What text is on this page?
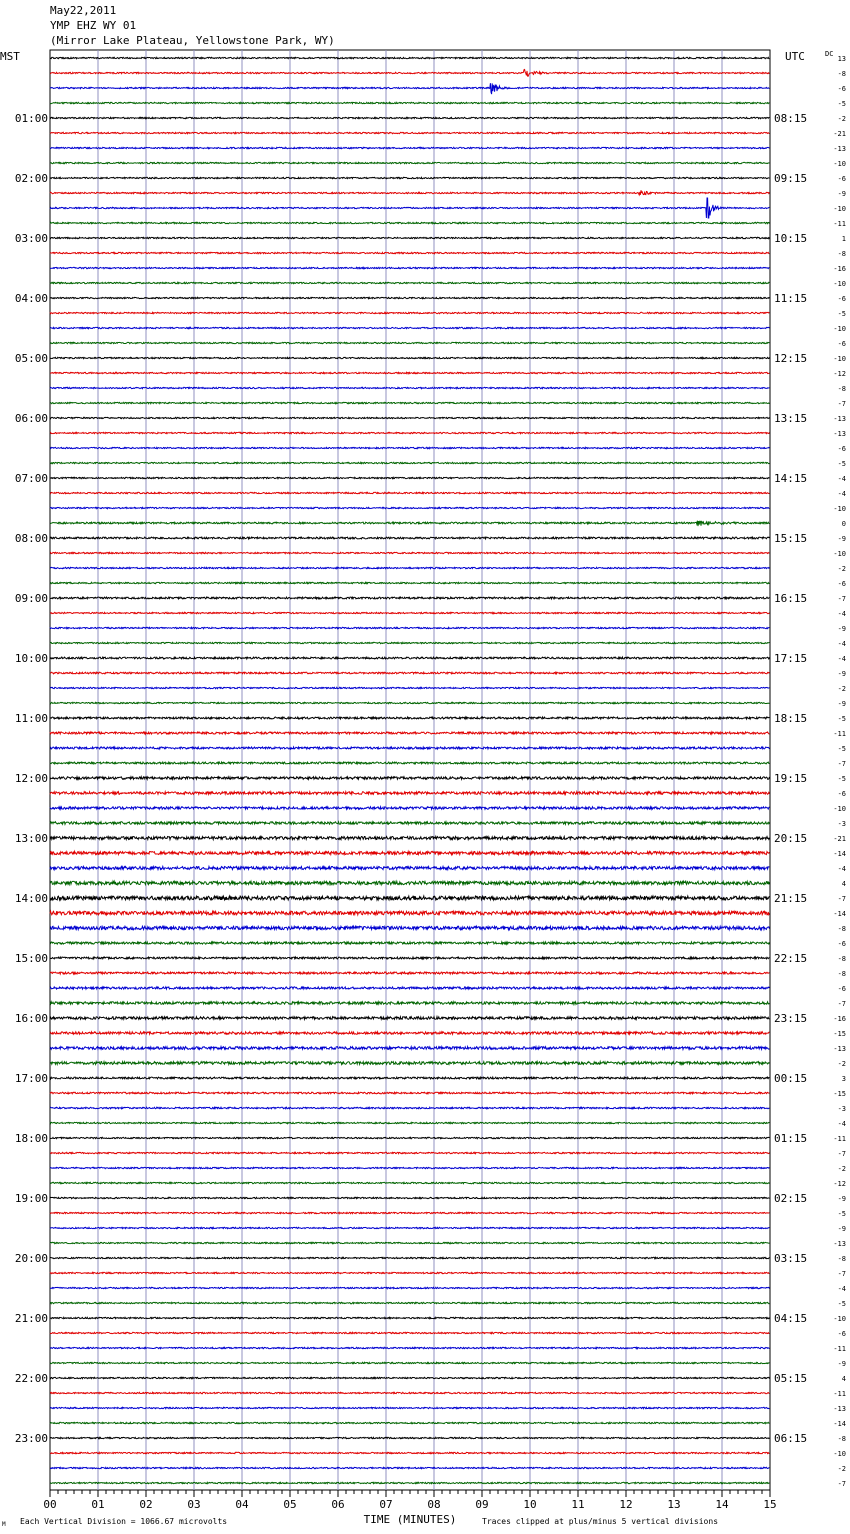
May22,2011
YMP EHZ WY 01
(Mirror Lake Plateau, Yellowstone Park, WY)
13
-8
-6
-5
-2
-21
-13
-10
-6
-9
-10
-11
1
-8
-16
-10
-6
-5
-10
-6
-10
-12
-8
-7
-13
-13
-6
-5
-4
-4
-10
0
-9
-10
-2
-6
-7
-4
-9
-4
-4
-9
-2
-9
-5
-11
-5
-7
-5
-6
-10
-3
-21
-14
-4
4
-7
-14
-8
-6
-8
-8
-6
-7
-16
-15
-13
-2
3
-15
-3
-4
-11
-7
-2
-12
-9
-5
-9
-13
-8
-7
-4
-5
-10
-6
-11
-9
4
-11
-13
-14
-8
-10
-2
-7
01:00	08:15
02:00	09:15
03:00	10:15
04:00	11:15
05:00	12:15
06:00	13:15
07:00	14:15
08:00	15:15
09:00	16:15
10:00	17:15
11:00	18:15
12:00	19:15
13:00	20:15
14:00	21:15
15:00	22:15
16:00	23:15
17:00	00:15
18:00	01:15
19:00	02:15
20:00	03:15
21:00	04:15
22:00	05:15
23:00	06:15
00	01	02	03	04	05	06	07	08	09	10	11	12	13	14	15
MST	UTC	DC
TIME (MINUTES)
Each Vertical Division = 1066.67 microvolts	Traces clipped at plus/minus 5 vertical divisions
M
